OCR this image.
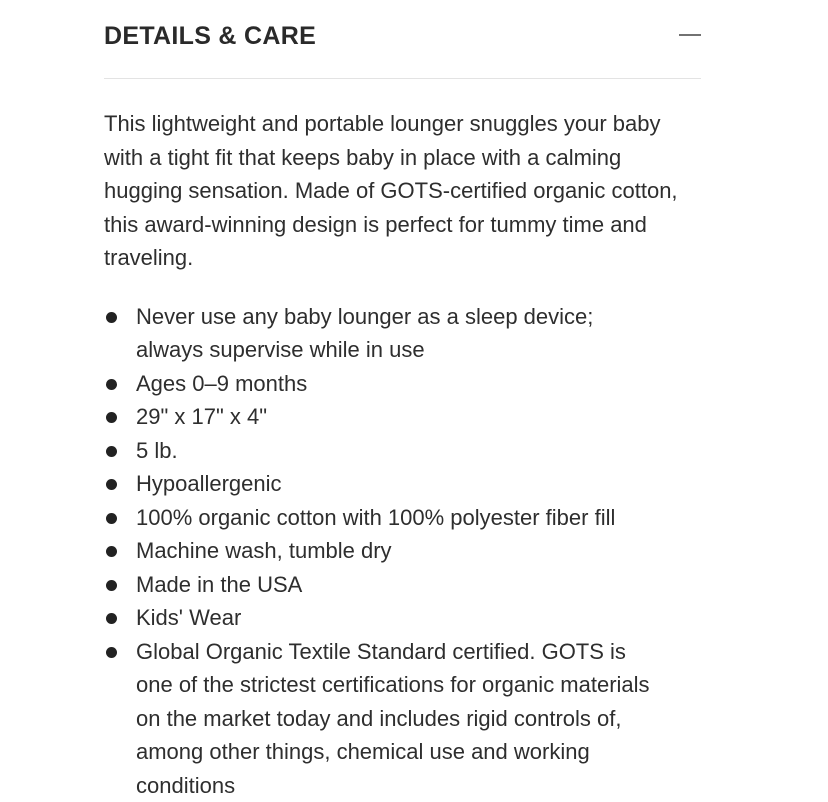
DETAILS & CARE

This lightweight and portable lounger snuggles your baby with a tight fit that keeps baby in place with a calming hugging sensation. Made of GOTS-certified organic cotton, this award-winning design is perfect for tummy time and traveling.

Never use any baby lounger as a sleep device; always supervise while in use
Ages 0–9 months
29" x 17" x 4"
5 lb.
Hypoallergenic
100% organic cotton with 100% polyester fiber fill
Machine wash, tumble dry
Made in the USA
Kids' Wear
Global Organic Textile Standard certified. GOTS is one of the strictest certifications for organic materials on the market today and includes rigid controls of, among other things, chemical use and working conditions
